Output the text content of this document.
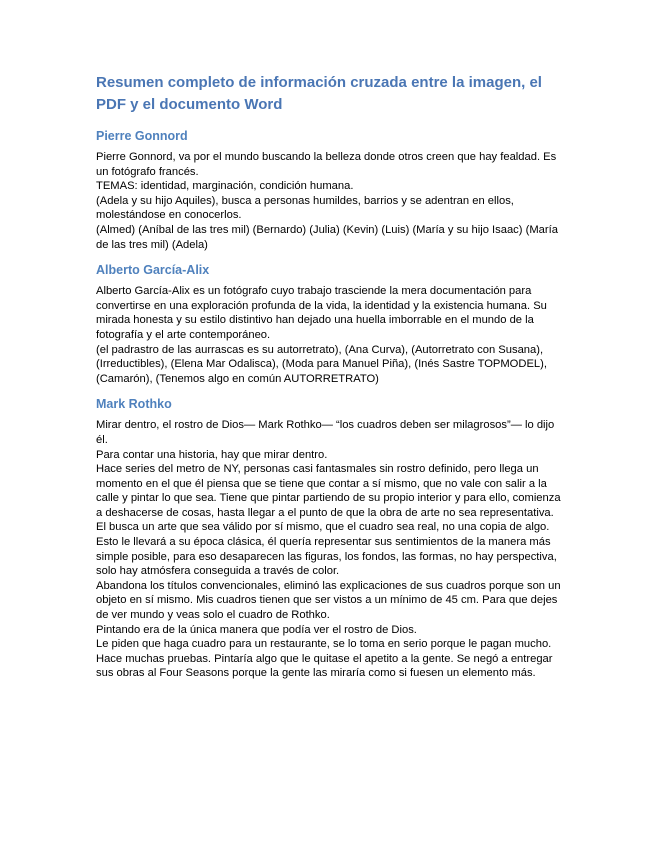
Resumen completo de información cruzada entre la imagen, el PDF y el documento Word
Pierre Gonnord

Pierre Gonnord, va por el mundo buscando la belleza donde otros creen que hay fealdad. Es un fotógrafo francés.

TEMAS: identidad, marginación, condición humana.

(Adela y su hijo Aquiles), busca a personas humildes, barrios y se adentran en ellos, molestándose en conocerlos.

(Almed) (Aníbal de las tres mil) (Bernardo) (Julia) (Kevin) (Luis) (María y su hijo Isaac) (María de las tres mil) (Adela)

Alberto García-Alix

Alberto García-Alix es un fotógrafo cuyo trabajo trasciende la mera documentación para convertirse en una exploración profunda de la vida, la identidad y la existencia humana. Su mirada honesta y su estilo distintivo han dejado una huella imborrable en el mundo de la fotografía y el arte contemporáneo.

(el padrastro de las aurrascas es su autorretrato), (Ana Curva), (Autorretrato con Susana), (Irreductibles), (Elena Mar Odalisca), (Moda para Manuel Piña), (Inés Sastre TOPMODEL), (Camarón), (Tenemos algo en común AUTORRETRATO)

Mark Rothko

Mirar dentro, el rostro de Dios— Mark Rothko— “los cuadros deben ser milagrosos”— lo dijo él.

Para contar una historia, hay que mirar dentro.

Hace series del metro de NY, personas casi fantasmales sin rostro definido, pero llega un momento en el que él piensa que se tiene que contar a sí mismo, que no vale con salir a la calle y pintar lo que sea. Tiene que pintar partiendo de su propio interior y para ello, comienza a deshacerse de cosas, hasta llegar a el punto de que la obra de arte no sea representativa.

El busca un arte que sea válido por sí mismo, que el cuadro sea real, no una copia de algo.

Esto le llevará a su época clásica, él quería representar sus sentimientos de la manera más simple posible, para eso desaparecen las figuras, los fondos, las formas, no hay perspectiva, solo hay atmósfera conseguida a través de color.

Abandona los títulos convencionales, eliminó las explicaciones de sus cuadros porque son un objeto en sí mismo. Mis cuadros tienen que ser vistos a un mínimo de 45 cm. Para que dejes de ver mundo y veas solo el cuadro de Rothko.

Pintando era de la única manera que podía ver el rostro de Dios.

Le piden que haga cuadro para un restaurante, se lo toma en serio porque le pagan mucho. Hace muchas pruebas. Pintaría algo que le quitase el apetito a la gente. Se negó a entregar sus obras al Four Seasons porque la gente las miraría como si fuesen un elemento más.
